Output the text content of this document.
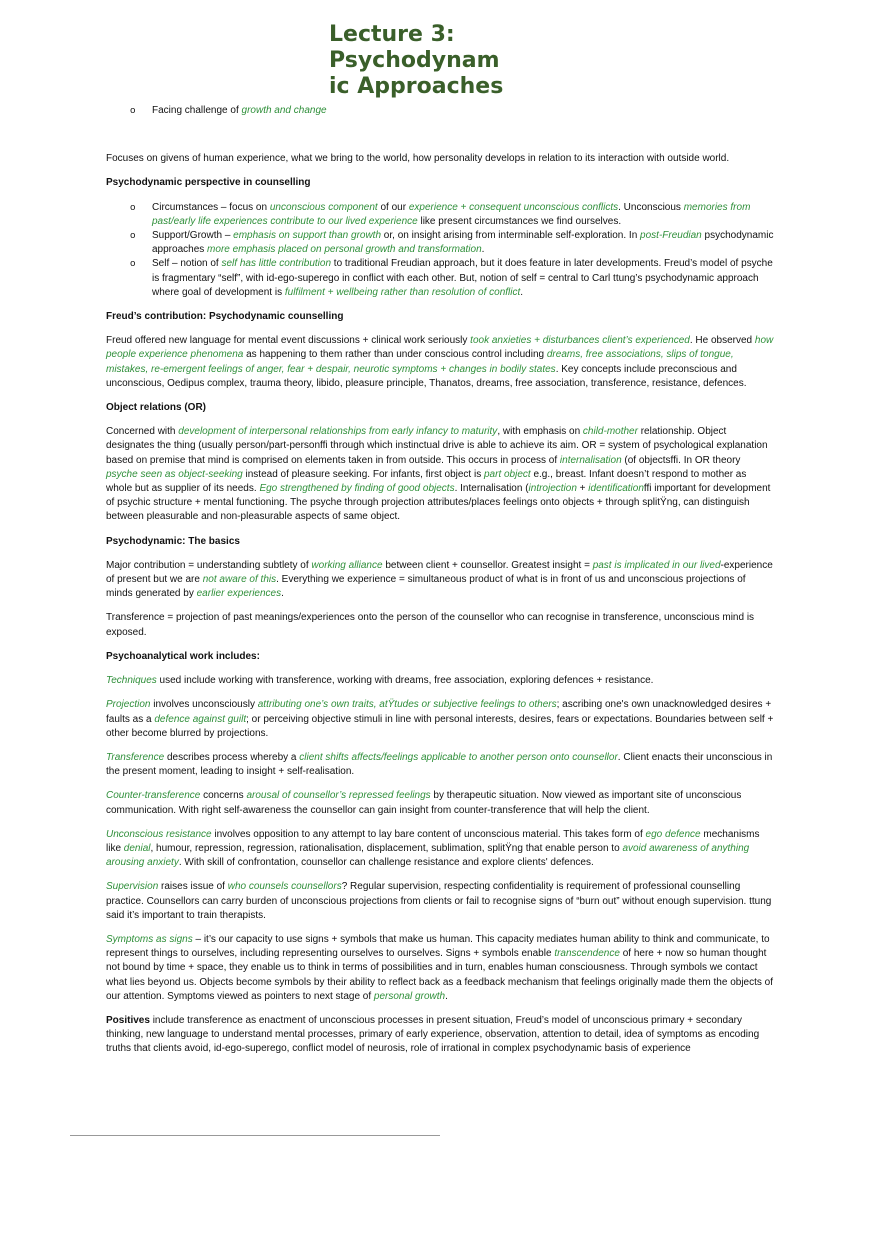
Lecture 3:
Psychodynam
ic Approaches
o Facing challenge of growth and change

Focuses on givens of human experience, what we bring to the world, how personality develops in relation to its interaction with outside world.

Psychodynamic perspective in counselling
o Circumstances – focus on unconscious component of our experience + consequent unconscious conflicts. Unconscious memories from past/early life experiences contribute to our lived experience like present circumstances we find ourselves.
o Support/Growth – emphasis on support than growth or, on insight arising from interminable self-exploration. In post-Freudian psychodynamic approaches more emphasis placed on personal growth and transformation.
o Self – notion of self has little contribution to traditional Freudian approach, but it does feature in later developments. Freud’s model of psyche is fragmentary “self”, with id-ego-superego in conflict with each other. But, notion of self = central to Carl ttung’s psychodynamic approach where goal of development is fulfilment + wellbeing rather than resolution of conflict.
Freud’s contribution: Psychodynamic counselling

Freud offered new language for mental event discussions + clinical work seriously took anxieties + disturbances client’s experienced. He observed how people experience phenomena as happening to them rather than under conscious control including dreams, free associations, slips of tongue, mistakes, re-emergent feelings of anger, fear + despair, neurotic symptoms + changes in bodily states. Key concepts include preconscious and unconscious, Oedipus complex, trauma theory, libido, pleasure principle, Thanatos, dreams, free association, transference, resistance, defences.

Object relations (OR)

Concerned with development of interpersonal relationships from early infancy to maturity, with emphasis on child-mother relationship. Object designates the thing (usually person/part-personffi through which instinctual drive is able to achieve its aim. OR = system of psychological explanation based on premise that mind is comprised on elements taken in from outside. This occurs in process of internalisation (of objectsffi. In OR theory psyche seen as object-seeking instead of pleasure seeking. For infants, first object is part object e.g., breast. Infant doesn’t respond to mother as whole but as supplier of its needs. Ego strengthened by finding of good objects. Internalisation (introjection + identificationffi important for development of psychic structure + mental functioning. The psyche through projection attributes/places feelings onto objects + through splitŸng, can distinguish between pleasurable and non-pleasurable aspects of same object.

Psychodynamic: The basics

Major contribution = understanding subtlety of working alliance between client + counsellor. Greatest insight = past is implicated in our lived-experience of present but we are not aware of this. Everything we experience = simultaneous product of what is in front of us and unconscious projections of minds generated by earlier experiences.

Transference = projection of past meanings/experiences onto the person of the counsellor who can recognise in transference, unconscious mind is exposed.

Psychoanalytical work includes:

Techniques used include working with transference, working with dreams, free association, exploring defences + resistance.

Projection involves unconsciously attributing one’s own traits, atŸtudes or subjective feelings to others; ascribing one's own unacknowledged desires + faults as a defence against guilt; or perceiving objective stimuli in line with personal interests, desires, fears or expectations. Boundaries between self + other become blurred by projections.

Transference describes process whereby a client shifts affects/feelings applicable to another person onto counsellor. Client enacts their unconscious in the present moment, leading to insight + self-realisation.

Counter-transference concerns arousal of counsellor’s repressed feelings by therapeutic situation. Now viewed as important site of unconscious communication. With right self-awareness the counsellor can gain insight from counter-transference that will help the client.

Unconscious resistance involves opposition to any attempt to lay bare content of unconscious material. This takes form of ego defence mechanisms like denial, humour, repression, regression, rationalisation, displacement, sublimation, splitŸng that enable person to avoid awareness of anything arousing anxiety. With skill of confrontation, counsellor can challenge resistance and explore clients' defences.

Supervision raises issue of who counsels counsellors? Regular supervision, respecting confidentiality is requirement of professional counselling practice. Counsellors can carry burden of unconscious projections from clients or fail to recognise signs of “burn out” without enough supervision. ttung said it’s important to train therapists.

Symptoms as signs – it’s our capacity to use signs + symbols that make us human. This capacity mediates human ability to think and communicate, to represent things to ourselves, including representing ourselves to ourselves. Signs + symbols enable transcendence of here + now so human thought not bound by time + space, they enable us to think in terms of possibilities and in turn, enables human consciousness. Through symbols we contact what lies beyond us. Objects become symbols by their ability to reflect back as a feedback mechanism that feelings originally made them the objects of our attention. Symptoms viewed as pointers to next stage of personal growth.

Positives include transference as enactment of unconscious processes in present situation, Freud’s model of unconscious primary + secondary thinking, new language to understand mental processes, primary of early experience, observation, attention to detail, idea of symptoms as encoding truths that clients avoid, id-ego-superego, conflict model of neurosis, role of irrational in complex psychodynamic basis of experience
